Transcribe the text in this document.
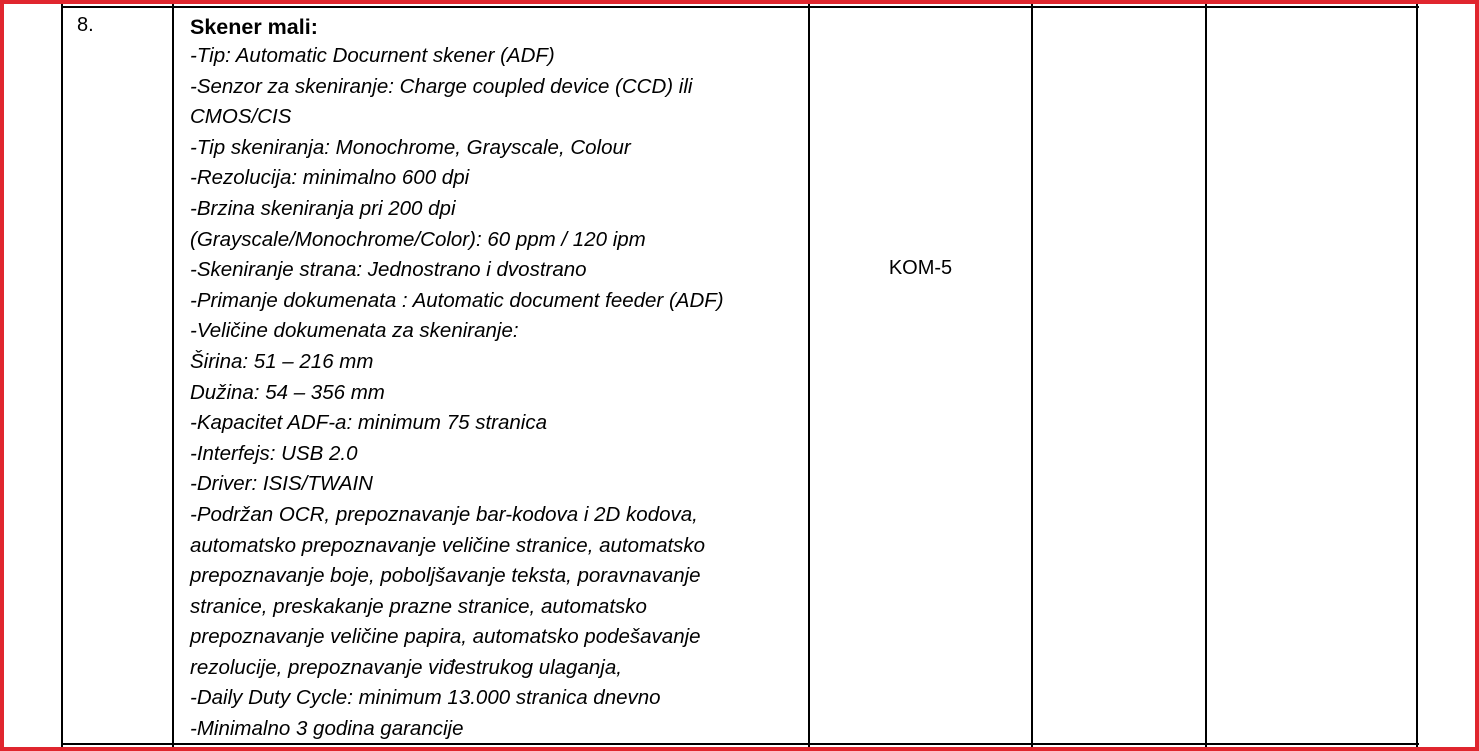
8.	Skener mali:

-Tip: Automatic Docurnent skener (ADF)

-Senzor za skeniranje: Charge coupled device (CCD) ili

CMOS/CIS

-Tip skeniranja: Monochrome, Grayscale, Colour

-Rezolucija: minimalno 600 dpi

-Brzina skeniranja pri 200 dpi

(Grayscale/Monochrome/Color): 60 ppm / 120 ipm

-Skeniranje strana: Jednostrano i dvostrano

-Primanje dokumenata : Automatic document feeder (ADF)

-Veličine dokumenata za skeniranje:

Širina: 51 – 216 mm

Dužina: 54 – 356 mm

-Kapacitet ADF-a: minimum 75 stranica

-Interfejs: USB 2.0

-Driver: ISIS/TWAIN

-Podržan OCR, prepoznavanje bar-kodova i 2D kodova,

automatsko prepoznavanje veličine stranice, automatsko

prepoznavanje boje, poboljšavanje teksta, poravnavanje

stranice, preskakanje prazne stranice, automatsko

prepoznavanje veličine papira, automatsko podešavanje

rezolucije, prepoznavanje viđestrukog ulaganja,

-Daily Duty Cycle: minimum 13.000 stranica dnevno

-Minimalno 3 godina garancije

KOM-5
